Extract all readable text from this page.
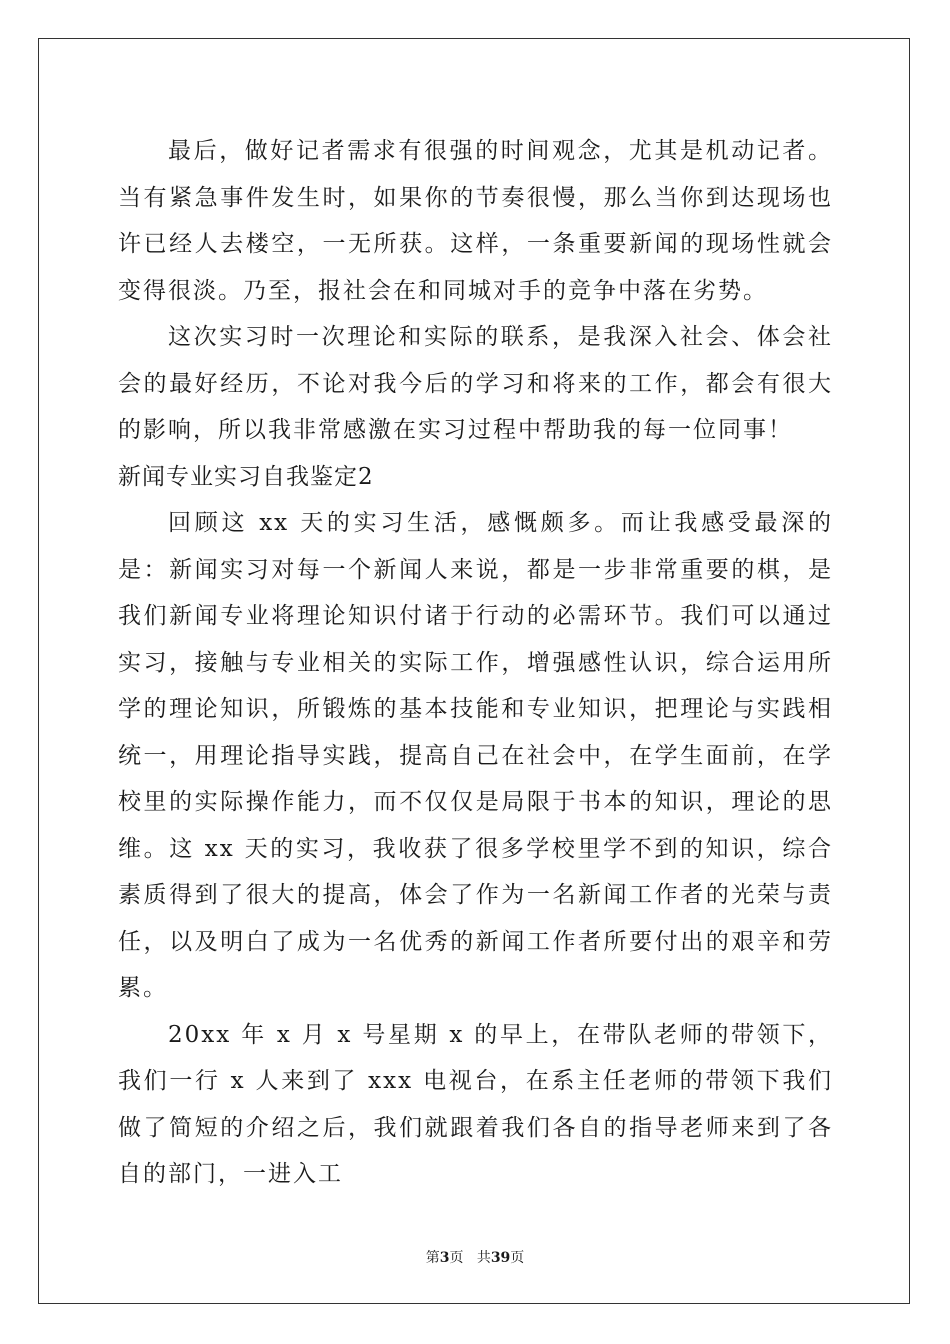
最后，做好记者需求有很强的时间观念，尤其是机动记者。当有紧急事件发生时，如果你的节奏很慢，那么当你到达现场也许已经人去楼空，一无所获。这样，一条重要新闻的现场性就会变得很淡。乃至，报社会在和同城对手的竞争中落在劣势。

这次实习时一次理论和实际的联系，是我深入社会、体会社会的最好经历，不论对我今后的学习和将来的工作，都会有很大的影响，所以我非常感激在实习过程中帮助我的每一位同事！

新闻专业实习自我鉴定2

回顾这 xx 天的实习生活，感慨颇多。而让我感受最深的是：新闻实习对每一个新闻人来说，都是一步非常重要的棋，是我们新闻专业将理论知识付诸于行动的必需环节。我们可以通过实习，接触与专业相关的实际工作，增强感性认识，综合运用所学的理论知识，所锻炼的基本技能和专业知识，把理论与实践相统一，用理论指导实践，提高自己在社会中，在学生面前，在学校里的实际操作能力，而不仅仅是局限于书本的知识，理论的思维。这 xx 天的实习，我收获了很多学校里学不到的知识，综合素质得到了很大的提高，体会了作为一名新闻工作者的光荣与责任，以及明白了成为一名优秀的新闻工作者所要付出的艰辛和劳累。

20xx 年 x 月 x 号星期 x 的早上，在带队老师的带领下，我们一行 x 人来到了 xxx 电视台，在系主任老师的带领下我们做了简短的介绍之后，我们就跟着我们各自的指导老师来到了各自的部门，一进入工

第3页 共39页
